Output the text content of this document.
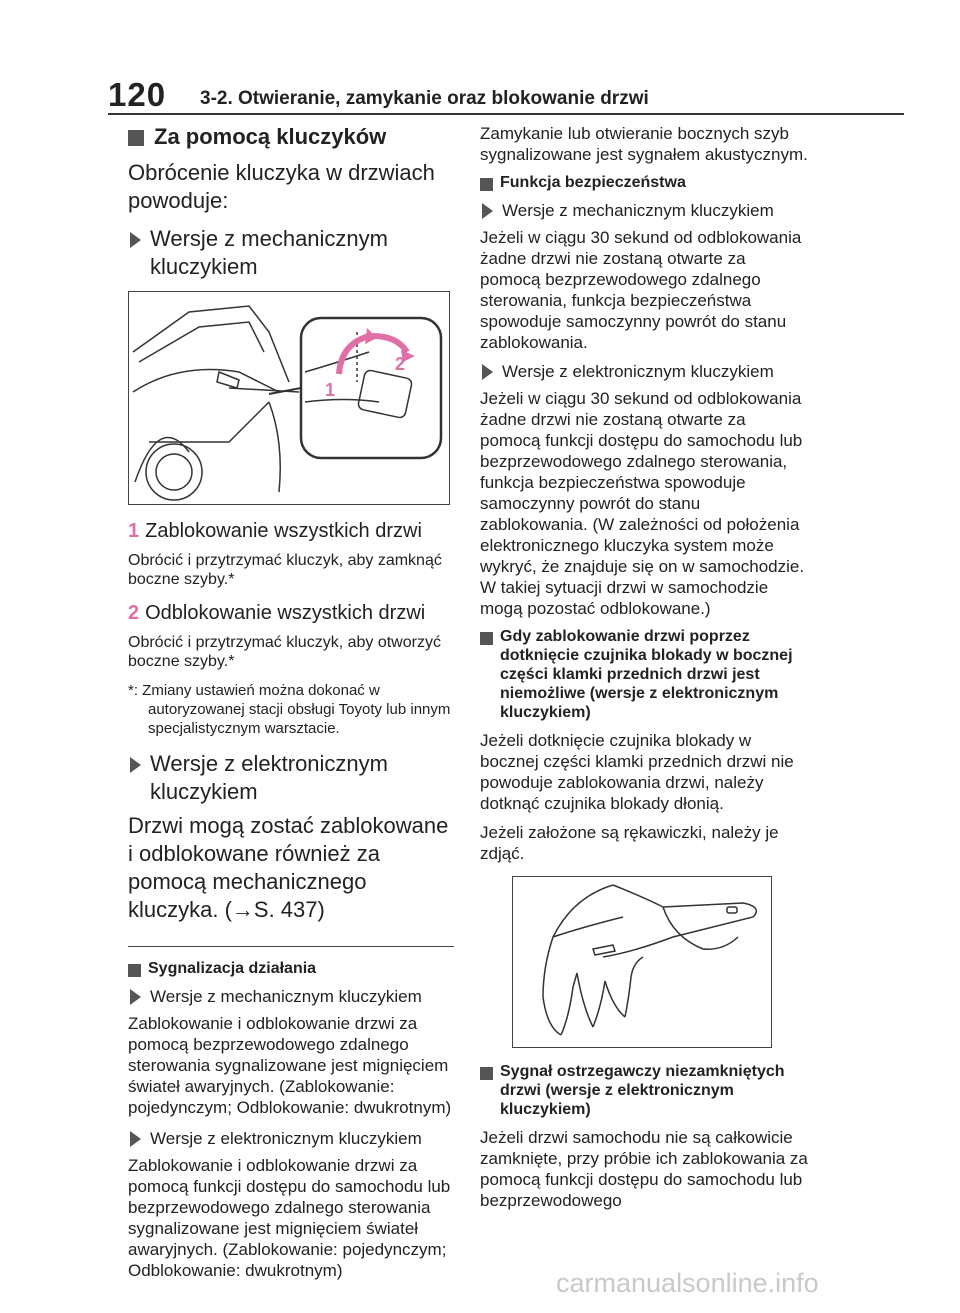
120 3-2. Otwieranie, zamykanie oraz blokowanie drzwi
Za pomocą kluczyków

Obrócenie kluczyka w drzwiach powoduje:

Wersje z mechanicznym kluczykiem
1
2

1 Zablokowanie wszystkich drzwi

Obrócić i przytrzymać kluczyk, aby zamknąć boczne szyby.*

2 Odblokowanie wszystkich drzwi

Obrócić i przytrzymać kluczyk, aby otworzyć boczne szyby.*

*: Zmiany ustawień można dokonać w autoryzowanej stacji obsługi Toyoty lub innym specjalistycznym warsztacie.

Wersje z elektronicznym kluczykiem

Drzwi mogą zostać zablokowane i odblokowane również za pomocą mechanicznego kluczyka. (→S. 437)

Sygnalizacja działania
Wersje z mechanicznym kluczykiem

Zablokowanie i odblokowanie drzwi za pomocą bezprzewodowego zdalnego sterowania sygnalizowane jest mignięciem świateł awaryjnych. (Zablokowanie: pojedynczym; Odblokowanie: dwukrotnym)

Wersje z elektronicznym kluczykiem

Zablokowanie i odblokowanie drzwi za pomocą funkcji dostępu do samochodu lub bezprzewodowego zdalnego sterowania sygnalizowane jest mignięciem świateł awaryjnych. (Zablokowanie: pojedynczym; Odblokowanie: dwukrotnym)

Zamykanie lub otwieranie bocznych szyb sygnalizowane jest sygnałem akustycznym.

Funkcja bezpieczeństwa
Wersje z mechanicznym kluczykiem

Jeżeli w ciągu 30 sekund od odblokowania żadne drzwi nie zostaną otwarte za pomocą bezprzewodowego zdalnego sterowania, funkcja bezpieczeństwa spowoduje samoczynny powrót do stanu zablokowania.

Wersje z elektronicznym kluczykiem

Jeżeli w ciągu 30 sekund od odblokowania żadne drzwi nie zostaną otwarte za pomocą funkcji dostępu do samochodu lub bezprzewodowego zdalnego sterowania, funkcja bezpieczeństwa spowoduje samoczynny powrót do stanu zablokowania. (W zależności od położenia elektronicznego kluczyka system może wykryć, że znajduje się on w samochodzie. W takiej sytuacji drzwi w samochodzie mogą pozostać odblokowane.)

Gdy zablokowanie drzwi poprzez dotknięcie czujnika blokady w bocznej części klamki przednich drzwi jest niemożliwe (wersje z elektronicznym kluczykiem)

Jeżeli dotknięcie czujnika blokady w bocznej części klamki przednich drzwi nie powoduje zablokowania drzwi, należy dotknąć czujnika blokady dłonią.

Jeżeli założone są rękawiczki, należy je zdjąć.

Sygnał ostrzegawczy niezamkniętych drzwi (wersje z elektronicznym kluczykiem)

Jeżeli drzwi samochodu nie są całkowicie zamknięte, przy próbie ich zablokowania za pomocą funkcji dostępu do samochodu lub bezprzewodowego

carmanualsonline.info
